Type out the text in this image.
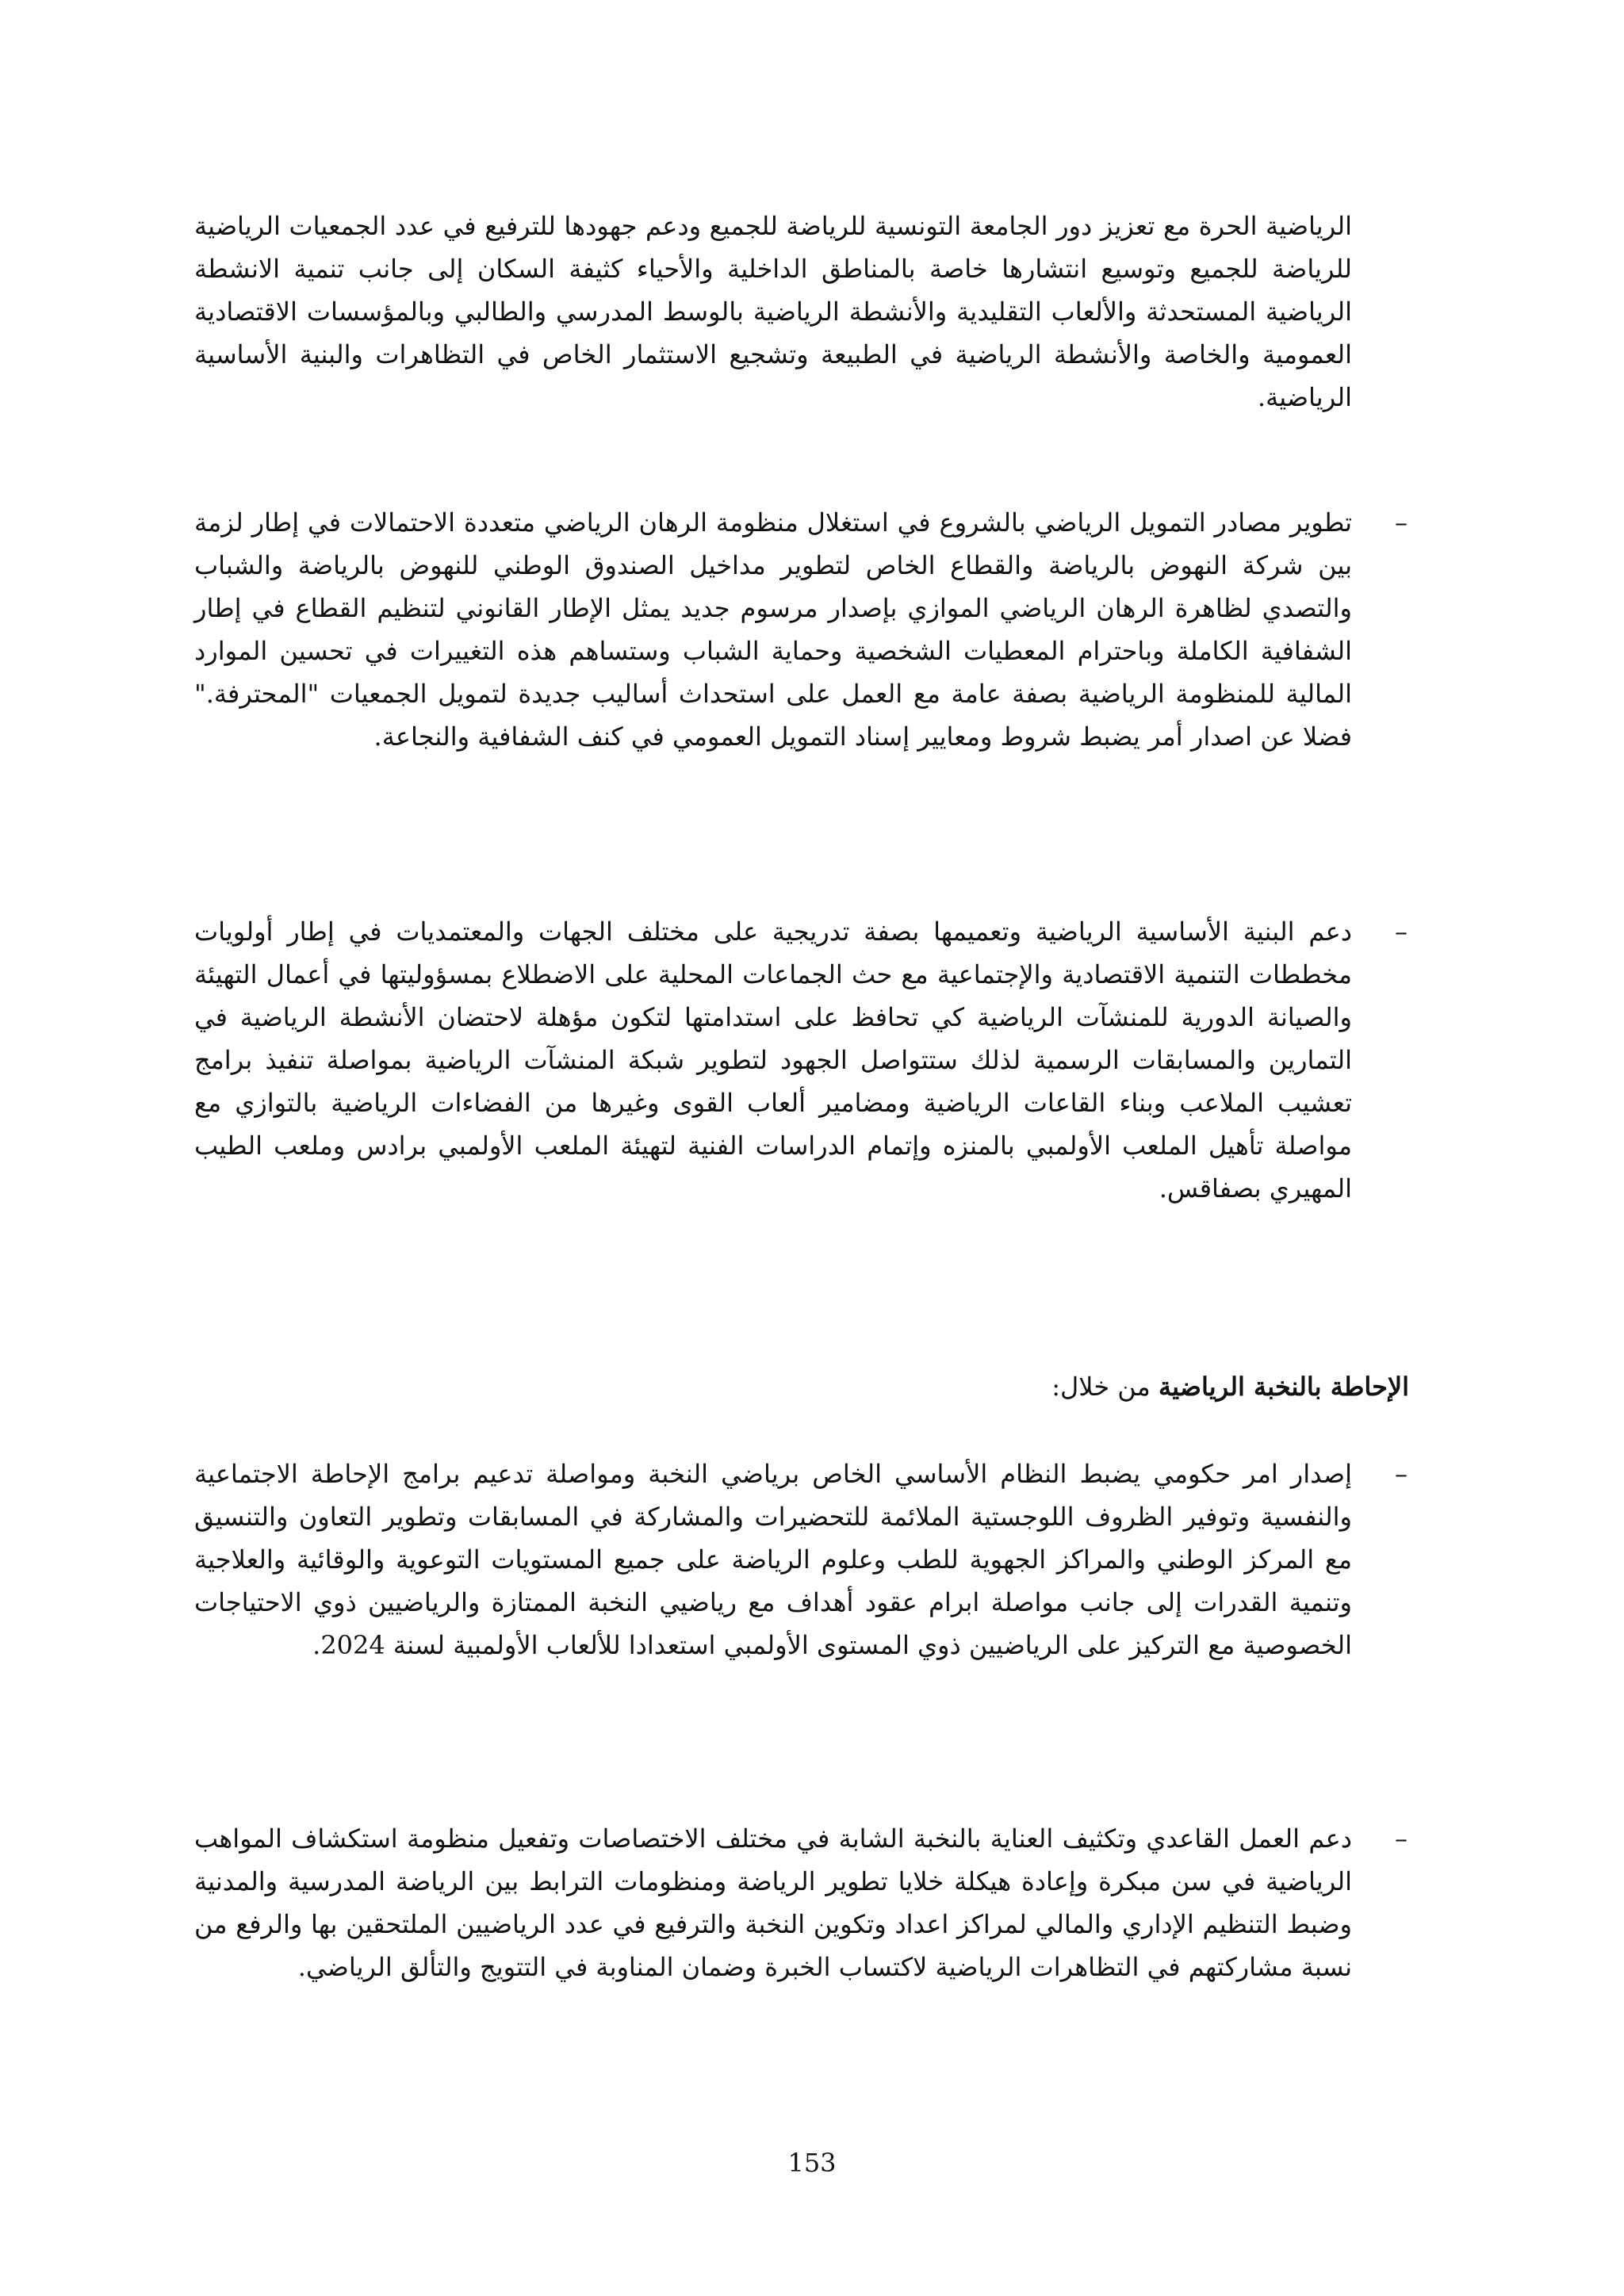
الرياضية الحرة مع تعزيز دور الجامعة التونسية للرياضة للجميع ودعم جهودها للترفيع في عدد الجمعيات الرياضية للرياضة للجميع وتوسيع انتشارها خاصة بالمناطق الداخلية والأحياء كثيفة السكان إلى جانب تنمية الانشطة الرياضية المستحدثة والألعاب التقليدية والأنشطة الرياضية بالوسط المدرسي والطالبي وبالمؤسسات الاقتصادية العمومية والخاصة والأنشطة الرياضية في الطبيعة وتشجيع الاستثمار الخاص في التظاهرات والبنية الأساسية الرياضية.

–
تطوير مصادر التمويل الرياضي بالشروع في استغلال منظومة الرهان الرياضي متعددة الاحتمالات في إطار لزمة بين شركة النهوض بالرياضة والقطاع الخاص لتطوير مداخيل الصندوق الوطني للنهوض بالرياضة والشباب والتصدي لظاهرة الرهان الرياضي الموازي بإصدار مرسوم جديد يمثل الإطار القانوني لتنظيم القطاع في إطار الشفافية الكاملة وباحترام المعطيات الشخصية وحماية الشباب وستساهم هذه التغييرات في تحسين الموارد المالية للمنظومة الرياضية بصفة عامة مع العمل على استحداث أساليب جديدة لتمويل الجمعيات "المحترفة." فضلا عن اصدار أمر يضبط شروط ومعايير إسناد التمويل العمومي في كنف الشفافية والنجاعة.
–
دعم البنية الأساسية الرياضية وتعميمها بصفة تدريجية على مختلف الجهات والمعتمديات في إطار أولويات مخططات التنمية الاقتصادية والإجتماعية مع حث الجماعات المحلية على الاضطلاع بمسؤوليتها في أعمال التهيئة والصيانة الدورية للمنشآت الرياضية كي تحافظ على استدامتها لتكون مؤهلة لاحتضان الأنشطة الرياضية في التمارين والمسابقات الرسمية لذلك ستتواصل الجهود لتطوير شبكة المنشآت الرياضية بمواصلة تنفيذ برامج تعشيب الملاعب وبناء القاعات الرياضية ومضامير ألعاب القوى وغيرها من الفضاءات الرياضية بالتوازي مع مواصلة تأهيل الملعب الأولمبي بالمنزه وإتمام الدراسات الفنية لتهيئة الملعب الأولمبي برادس وملعب الطيب المهيري بصفاقس.
الإحاطة بالنخبة الرياضية من خلال:
–
إصدار امر حكومي يضبط النظام الأساسي الخاص برياضي النخبة ومواصلة تدعيم برامج الإحاطة الاجتماعية والنفسية وتوفير الظروف اللوجستية الملائمة للتحضيرات والمشاركة في المسابقات وتطوير التعاون والتنسيق مع المركز الوطني والمراكز الجهوية للطب وعلوم الرياضة على جميع المستويات التوعوية والوقائية والعلاجية وتنمية القدرات إلى جانب مواصلة ابرام عقود أهداف مع رياضيي النخبة الممتازة والرياضيين ذوي الاحتياجات الخصوصية مع التركيز على الرياضيين ذوي المستوى الأولمبي استعدادا للألعاب الأولمبية لسنة 2024.
–
دعم العمل القاعدي وتكثيف العناية بالنخبة الشابة في مختلف الاختصاصات وتفعيل منظومة استكشاف المواهب الرياضية في سن مبكرة وإعادة هيكلة خلايا تطوير الرياضة ومنظومات الترابط بين الرياضة المدرسية والمدنية وضبط التنظيم الإداري والمالي لمراكز اعداد وتكوين النخبة والترفيع في عدد الرياضيين الملتحقين بها والرفع من نسبة مشاركتهم في التظاهرات الرياضية لاكتساب الخبرة وضمان المناوبة في التتويج والتألق الرياضي.
153
